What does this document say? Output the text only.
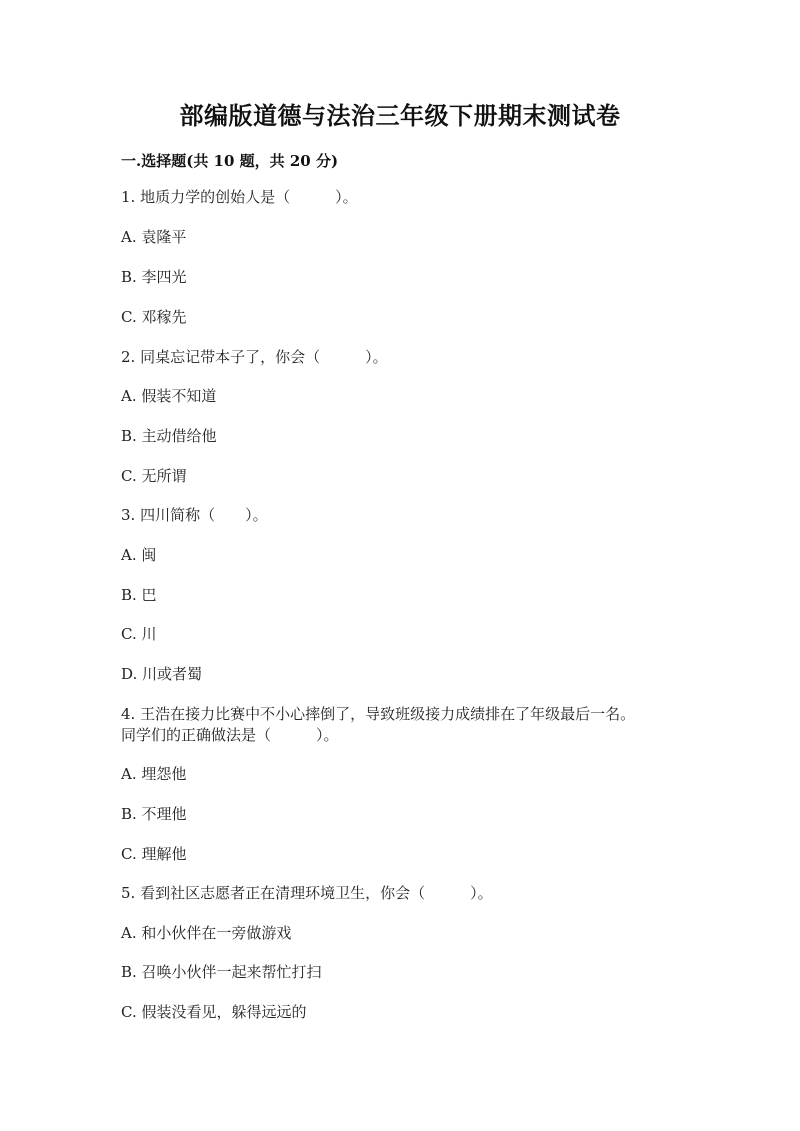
部编版道德与法治三年级下册期末测试卷
一.选择题(共 10 题，共 20 分)
1. 地质力学的创始人是（　　　）。
A. 袁隆平
B. 李四光
C. 邓稼先
2. 同桌忘记带本子了，你会（　　　）。
A. 假装不知道
B. 主动借给他
C. 无所谓
3. 四川简称（　　）。
A. 闽
B. 巴
C. 川
D. 川或者蜀
4. 王浩在接力比赛中不小心摔倒了，导致班级接力成绩排在了年级最后一名。
同学们的正确做法是（　　　）。
A. 埋怨他
B. 不理他
C. 理解他
5. 看到社区志愿者正在清理环境卫生，你会（　　　）。
A. 和小伙伴在一旁做游戏
B. 召唤小伙伴一起来帮忙打扫
C. 假装没看见，躲得远远的
